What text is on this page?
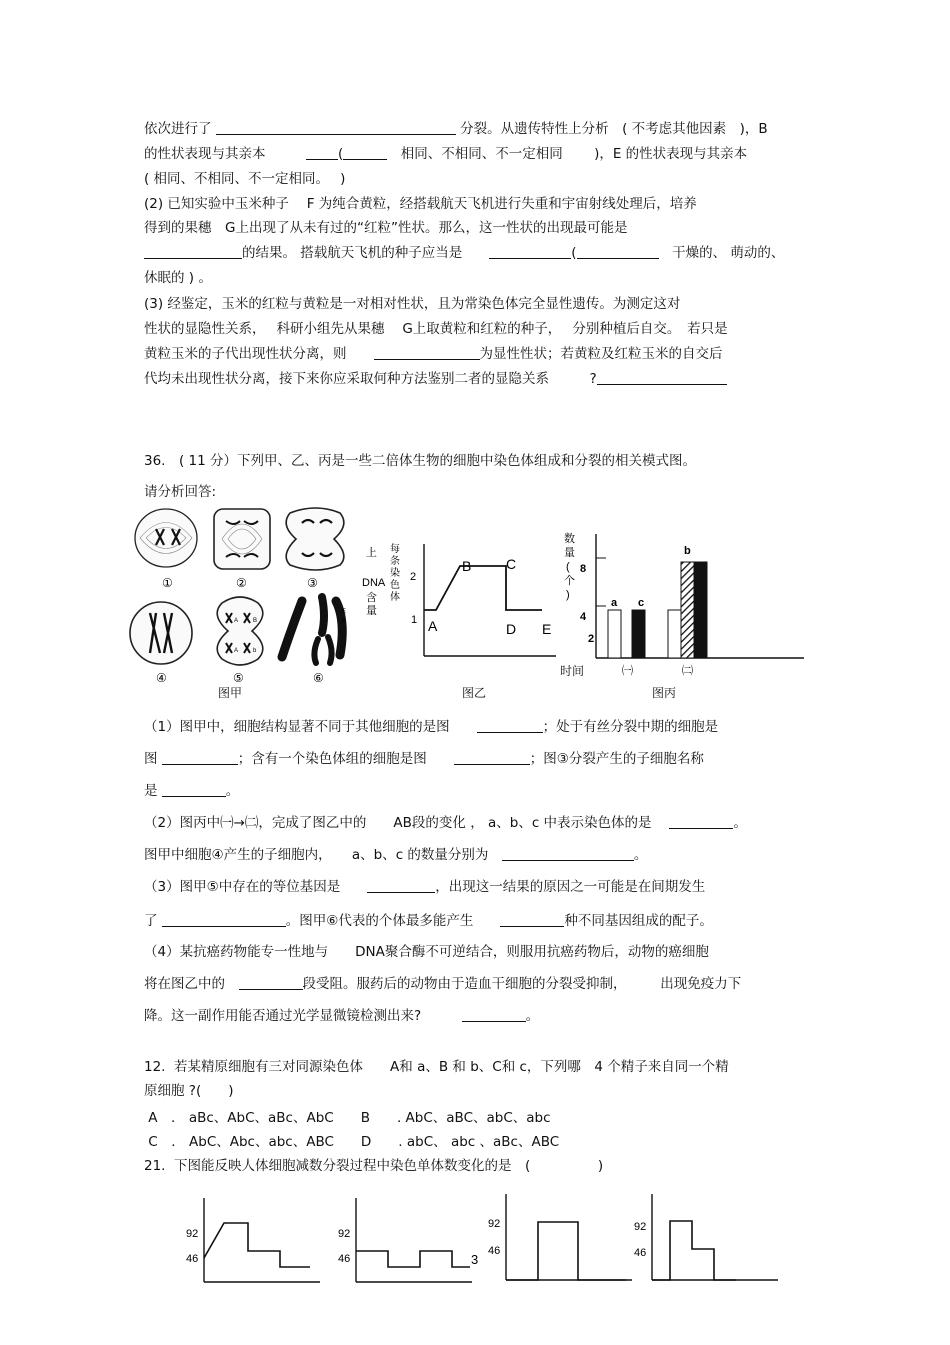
依次进行了	分裂。从遗传特性上分析　( 不考虑其他因素　)，B
的性状表现与其亲本　　　	(　	相同、不相同、不一定相同　　 )，E 的性状表现与其亲本
( 相同、不相同、不一定相同。　 )
(2) 已知实验中玉米种子　 F 为纯合黄粒，经搭载航天飞机进行失重和宇宙射线处理后，培养
得到的果穗　G上出现了从未有过的“红粒”性状。那么，这一性状的出现最可能是
的结果。 搭载航天飞机的种子应当是　　	(　	干燥的、 萌动的、
休眠的 ) 。
(3) 经鉴定，玉米的红粒与黄粒是一对相对性状，且为常染色体完全显性遗传。为测定这对
性状的显隐性关系，　 科研小组先从果穗　 G上取黄粒和红粒的种子，　 分别种植后自交。　若只是
黄粒玉米的子代出现性状分离，则　　	为显性性状；若黄粒及红粒玉米的自交后
代均未出现性状分离，接下来你应采取何种方法鉴别二者的显隐关系　　　	?
36.　( 11 分）下列甲、乙、丙是一些二倍体生物的细胞中染色体组成和分裂的相关模式图。
请分析回答:
①	②	③
④
A B
A b
⑤
E
F
⑥
图甲
上
DNA
含
量
每
条
染
色
体
2
1 A
B C
D E
图乙
数
量
(
个
)
8
4
2
a c
b
㈠	㈡
时间
图丙
（1）图甲中，细胞结构显著不同于其他细胞的是图　　	；处于有丝分裂中期的细胞是
图	；含有一个染色体组的细胞是图　　	；图③分裂产生的子细胞名称
是	。
（2）图丙中㈠→㈡，完成了图乙中的　　AB段的变化 ， a、b、c 中表示染色体的是　	。
图甲中细胞④产生的子细胞内，　　a、b、c 的数量分别为　	。
（3）图甲⑤中存在的等位基因是　　	，出现这一结果的原因之一可能是在间期发生
了	。图甲⑥代表的个体最多能产生　　	种不同基因组成的配子。
（4）某抗癌药物能专一性地与　　DNA聚合酶不可逆结合，则服用抗癌药物后，动物的癌细胞
将在图乙中的　	段受阻。服药后的动物由于造血干细胞的分裂受抑制，　　　出现免疫力下
降。这一副作用能否通过光学显微镜检测出来?　　　	。
12.  若某精原细胞有三对同源染色体　　A和 a、B 和 b、C和 c，下列哪　4 个精子来自同一个精
原细胞 ?(　　)
A　.　aBc、AbC、aBc、AbC　　B　　. AbC、aBC、abC、abc
C　.　AbC、Abc、abc、ABC　　D　　. abC、 abc 、aBc、ABC
21.  下图能反映人体细胞减数分裂过程中染色单体数变化的是　(　　　　　)
92
46
92
46	3
92
46
92
46
